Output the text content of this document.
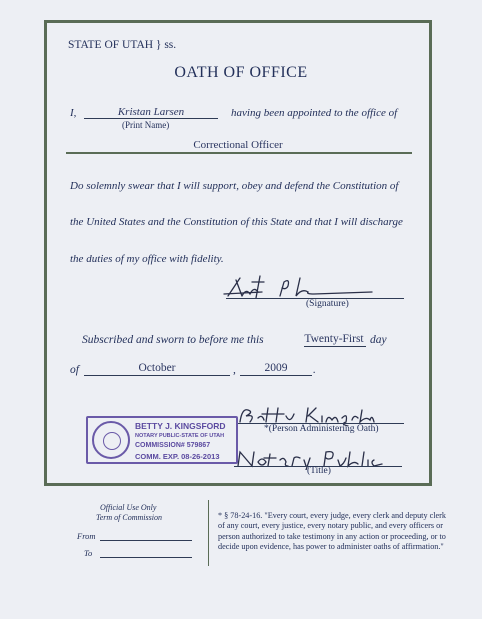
STATE OF UTAH } ss.
OATH OF OFFICE
I,	Kristan Larsen
(Print Name)
having been appointed to the office of
Correctional Officer
Do solemnly swear that I will support, obey and defend the Constitution of
the United States and the Constitution of this State and that I will discharge
the duties of my office with fidelity.
(Signature)
Subscribed and sworn to before me this	Twenty-First day
of	October	,	2009	.
BETTY J. KINGSFORD
NOTARY PUBLIC-STATE OF UTAH
COMMISSION# 579867
COMM. EXP. 08-26-2013
*(Person Administering Oath)
(Title)
Official Use Only
Term of Commission
From
To
* § 78-24-16. "Every court, every judge, every clerk and deputy clerk of any court, every justice, every notary public, and every officers or person authorized to take testimony in any action or proceeding, or to decide upon evidence, has power to administer oaths of affirmation."
